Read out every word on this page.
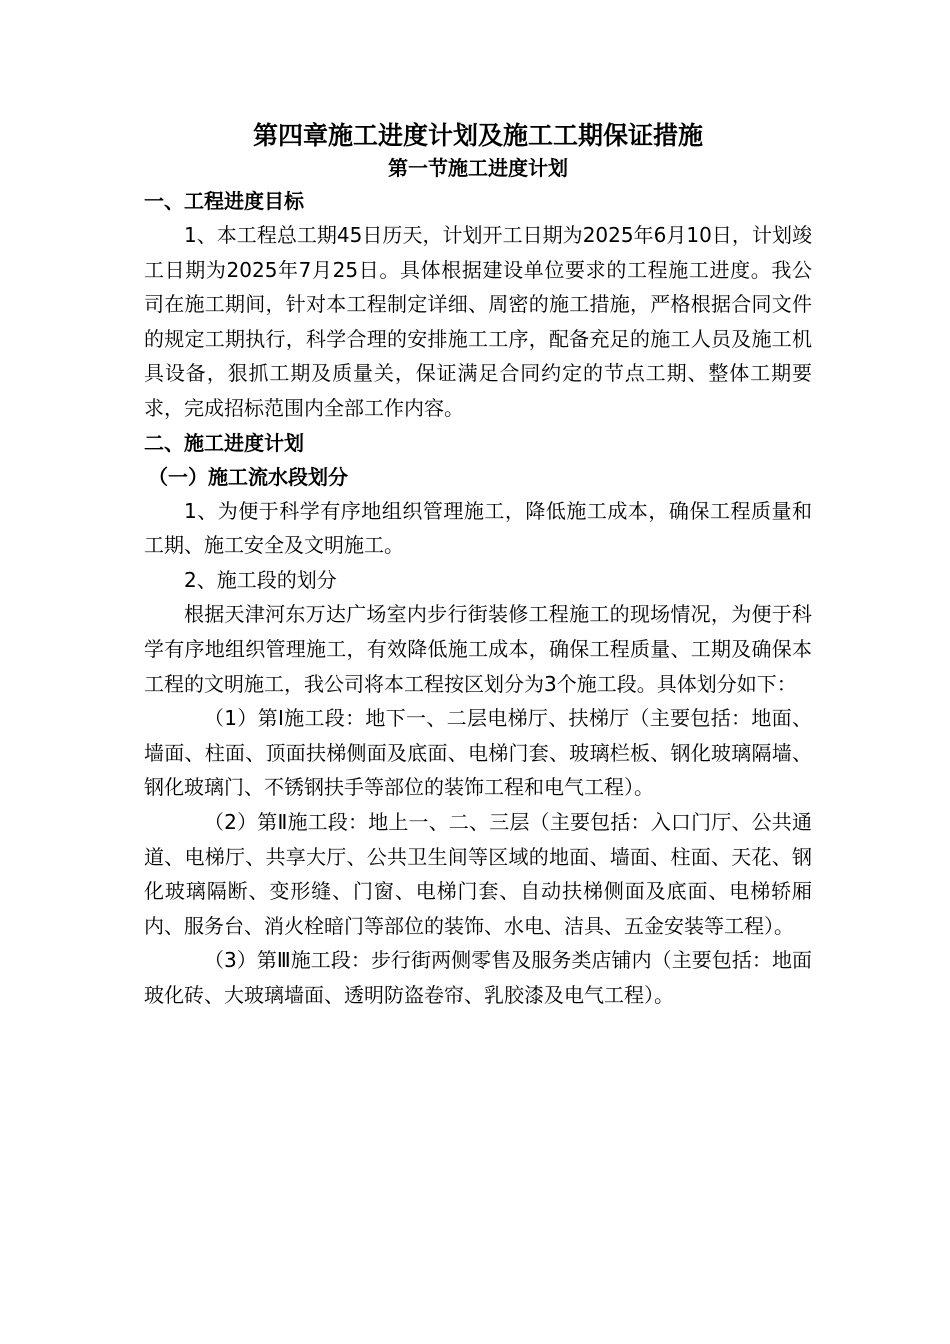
第四章施工进度计划及施工工期保证措施
第一节施工进度计划
一、工程进度目标

1、本工程总工期45日历天，计划开工日期为2025年6月10日，计划竣工日期为2025年7月25日。具体根据建设单位要求的工程施工进度。我公司在施工期间，针对本工程制定详细、周密的施工措施，严格根据合同文件的规定工期执行，科学合理的安排施工工序，配备充足的施工人员及施工机具设备，狠抓工期及质量关，保证满足合同约定的节点工期、整体工期要求，完成招标范围内全部工作内容。

二、施工进度计划
（一）施工流水段划分

1、为便于科学有序地组织管理施工，降低施工成本，确保工程质量和工期、施工安全及文明施工。

2、施工段的划分

根据天津河东万达广场室内步行街装修工程施工的现场情况，为便于科学有序地组织管理施工，有效降低施工成本，确保工程质量、工期及确保本工程的文明施工，我公司将本工程按区划分为3个施工段。具体划分如下：

（1）第Ⅰ施工段：地下一、二层电梯厅、扶梯厅（主要包括：地面、墙面、柱面、顶面扶梯侧面及底面、电梯门套、玻璃栏板、钢化玻璃隔墙、钢化玻璃门、不锈钢扶手等部位的装饰工程和电气工程）。

（2）第Ⅱ施工段：地上一、二、三层（主要包括：入口门厅、公共通道、电梯厅、共享大厅、公共卫生间等区域的地面、墙面、柱面、天花、钢化玻璃隔断、变形缝、门窗、电梯门套、自动扶梯侧面及底面、电梯轿厢内、服务台、消火栓暗门等部位的装饰、水电、洁具、五金安装等工程）。

（3）第Ⅲ施工段：步行街两侧零售及服务类店铺内（主要包括：地面玻化砖、大玻璃墙面、透明防盗卷帘、乳胶漆及电气工程）。
